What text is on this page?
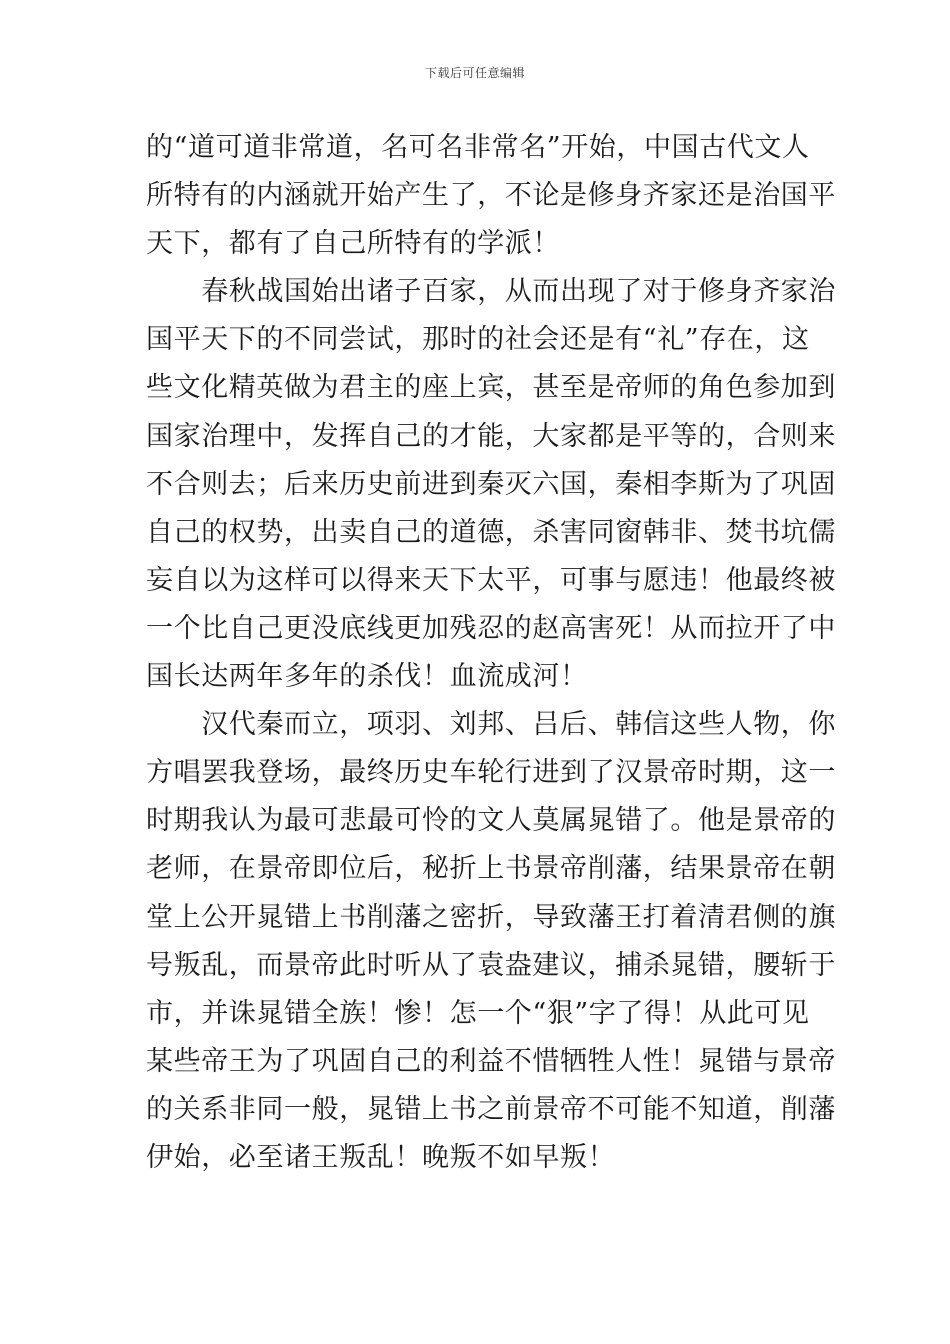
下载后可任意编辑
的“道可道非常道，名可名非常名”开始，中国古代文人
所特有的内涵就开始产生了，不论是修身齐家还是治国平
天下，都有了自己所特有的学派！
　　春秋战国始出诸子百家，从而出现了对于修身齐家治
国平天下的不同尝试，那时的社会还是有“礼”存在，这
些文化精英做为君主的座上宾，甚至是帝师的角色参加到
国家治理中，发挥自己的才能，大家都是平等的，合则来
不合则去；后来历史前进到秦灭六国，秦相李斯为了巩固
自己的权势，出卖自己的道德，杀害同窗韩非、焚书坑儒
妄自以为这样可以得来天下太平，可事与愿违！他最终被
一个比自己更没底线更加残忍的赵高害死！从而拉开了中
国长达两年多年的杀伐！血流成河！
　　汉代秦而立，项羽、刘邦、吕后、韩信这些人物，你
方唱罢我登场，最终历史车轮行进到了汉景帝时期，这一
时期我认为最可悲最可怜的文人莫属晁错了。他是景帝的
老师，在景帝即位后，秘折上书景帝削藩，结果景帝在朝
堂上公开晁错上书削藩之密折，导致藩王打着清君侧的旗
号叛乱，而景帝此时听从了袁盎建议，捕杀晁错，腰斩于
市，并诛晁错全族！惨！怎一个“狠”字了得！从此可见
某些帝王为了巩固自己的利益不惜牺牲人性！晁错与景帝
的关系非同一般，晁错上书之前景帝不可能不知道，削藩
伊始，必至诸王叛乱！晚叛不如早叛！
